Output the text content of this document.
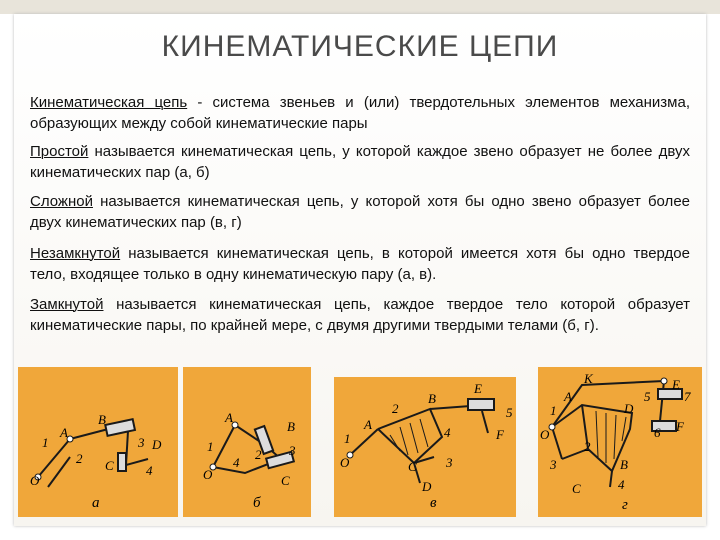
КИНЕМАТИЧЕСКИЕ ЦЕПИ
Кинематическая цепь - система звеньев и (или) твердотельных элементов механизма, образующих между собой кинематические пары
Простой называется кинематическая цепь, у которой каждое звено образует не более двух кинематических пар (а, б)
Сложной называется кинематическая цепь, у которой хотя бы одно звено образует более двух кинематических пар (в, г)
Незамкнутой называется кинематическая цепь, в которой имеется хотя бы одно твердое тело, входящее только в одну кинематическую пару (а, в).
Замкнутой называется кинематическая цепь, каждое твердое тело которой образует кинематические пары, по крайней мере, с двумя другими твердыми телами (б, г).
O
A
B
C
D
1
2
3
4
а
O
A
B
C
1
2 3
4
б
O
A
B
C
D
E
F
1
2
3
4
5
в
O
A
B
C
D
E
F
K
1
2
3
4
5
6
7
г
